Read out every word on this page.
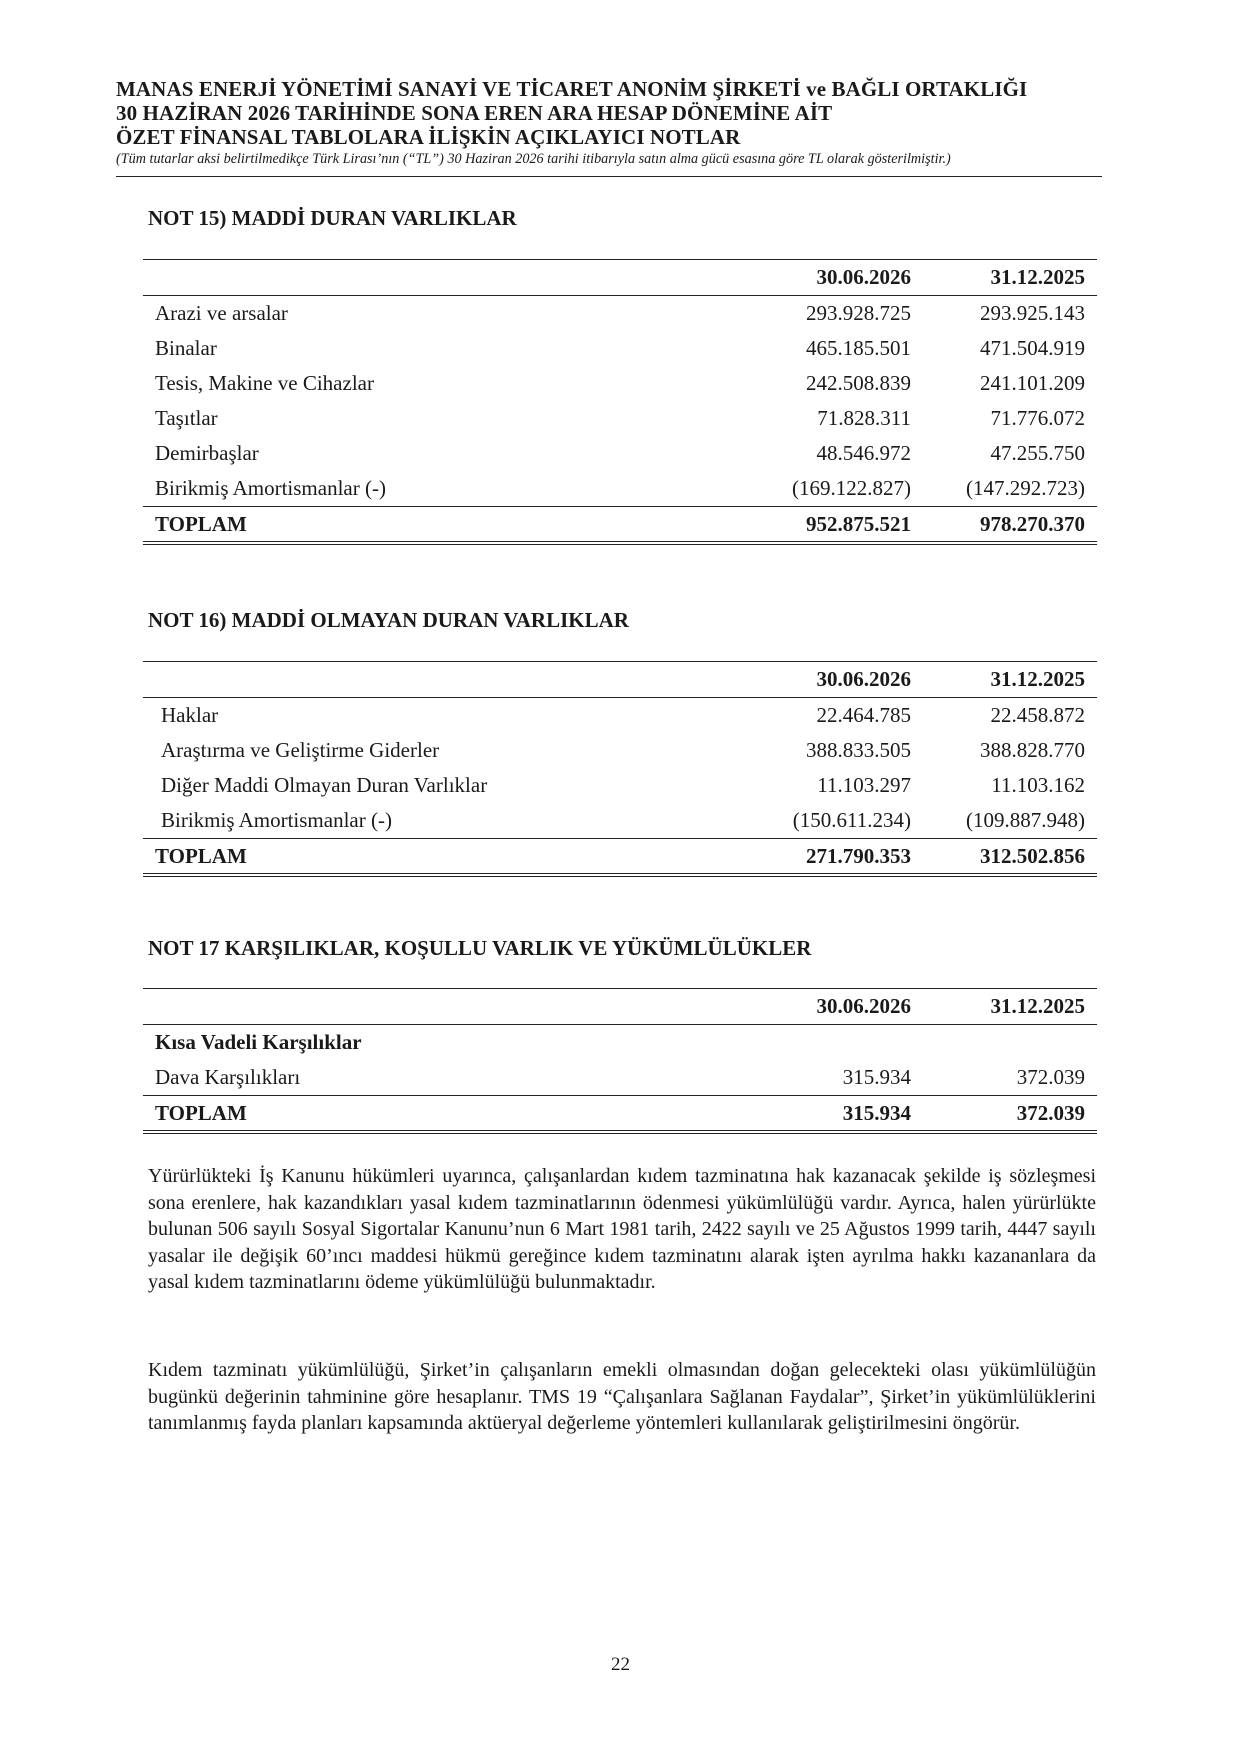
MANAS ENERJİ YÖNETİMİ SANAYİ VE TİCARET ANONİM ŞİRKETİ ve BAĞLI ORTAKLIĞI
30 HAZİRAN 2026 TARİHİNDE SONA EREN ARA HESAP DÖNEMİNE AİT
ÖZET FİNANSAL TABLOLARA İLİŞKİN AÇIKLAYICI NOTLAR
(Tüm tutarlar aksi belirtilmedikçe Türk Lirası’nın (“TL”) 30 Haziran 2026 tarihi itibarıyla satın alma gücü esasına göre TL olarak gösterilmiştir.)
NOT 15) MADDİ DURAN VARLIKLAR
	30.06.2026	31.12.2025
Arazi ve arsalar	293.928.725	293.925.143
Binalar	465.185.501	471.504.919
Tesis, Makine ve Cihazlar	242.508.839	241.101.209
Taşıtlar	71.828.311	71.776.072
Demirbaşlar	48.546.972	47.255.750
Birikmiş Amortismanlar (-)	(169.122.827)	(147.292.723)
TOPLAM	952.875.521	978.270.370
NOT 16) MADDİ OLMAYAN DURAN VARLIKLAR
	30.06.2026	31.12.2025
Haklar	22.464.785	22.458.872
Araştırma ve Geliştirme Giderler	388.833.505	388.828.770
Diğer Maddi Olmayan Duran Varlıklar	11.103.297	11.103.162
Birikmiş Amortismanlar (-)	(150.611.234)	(109.887.948)
TOPLAM	271.790.353	312.502.856
NOT 17 KARŞILIKLAR, KOŞULLU VARLIK VE YÜKÜMLÜLÜKLER
	30.06.2026	31.12.2025
Kısa Vadeli Karşılıklar		
Dava Karşılıkları	315.934	372.039
TOPLAM	315.934	372.039
Yürürlükteki İş Kanunu hükümleri uyarınca, çalışanlardan kıdem tazminatına hak kazanacak şekilde iş sözleşmesi sona erenlere, hak kazandıkları yasal kıdem tazminatlarının ödenmesi yükümlülüğü vardır. Ayrıca, halen yürürlükte bulunan 506 sayılı Sosyal Sigortalar Kanunu’nun 6 Mart 1981 tarih, 2422 sayılı ve 25 Ağustos 1999 tarih, 4447 sayılı yasalar ile değişik 60’ıncı maddesi hükmü gereğince kıdem tazminatını alarak işten ayrılma hakkı kazananlara da yasal kıdem tazminatlarını ödeme yükümlülüğü bulunmaktadır.
Kıdem tazminatı yükümlülüğü, Şirket’in çalışanların emekli olmasından doğan gelecekteki olası yükümlülüğün bugünkü değerinin tahminine göre hesaplanır. TMS 19 “Çalışanlara Sağlanan Faydalar”, Şirket’in yükümlülüklerini tanımlanmış fayda planları kapsamında aktüeryal değerleme yöntemleri kullanılarak geliştirilmesini öngörür.
22
